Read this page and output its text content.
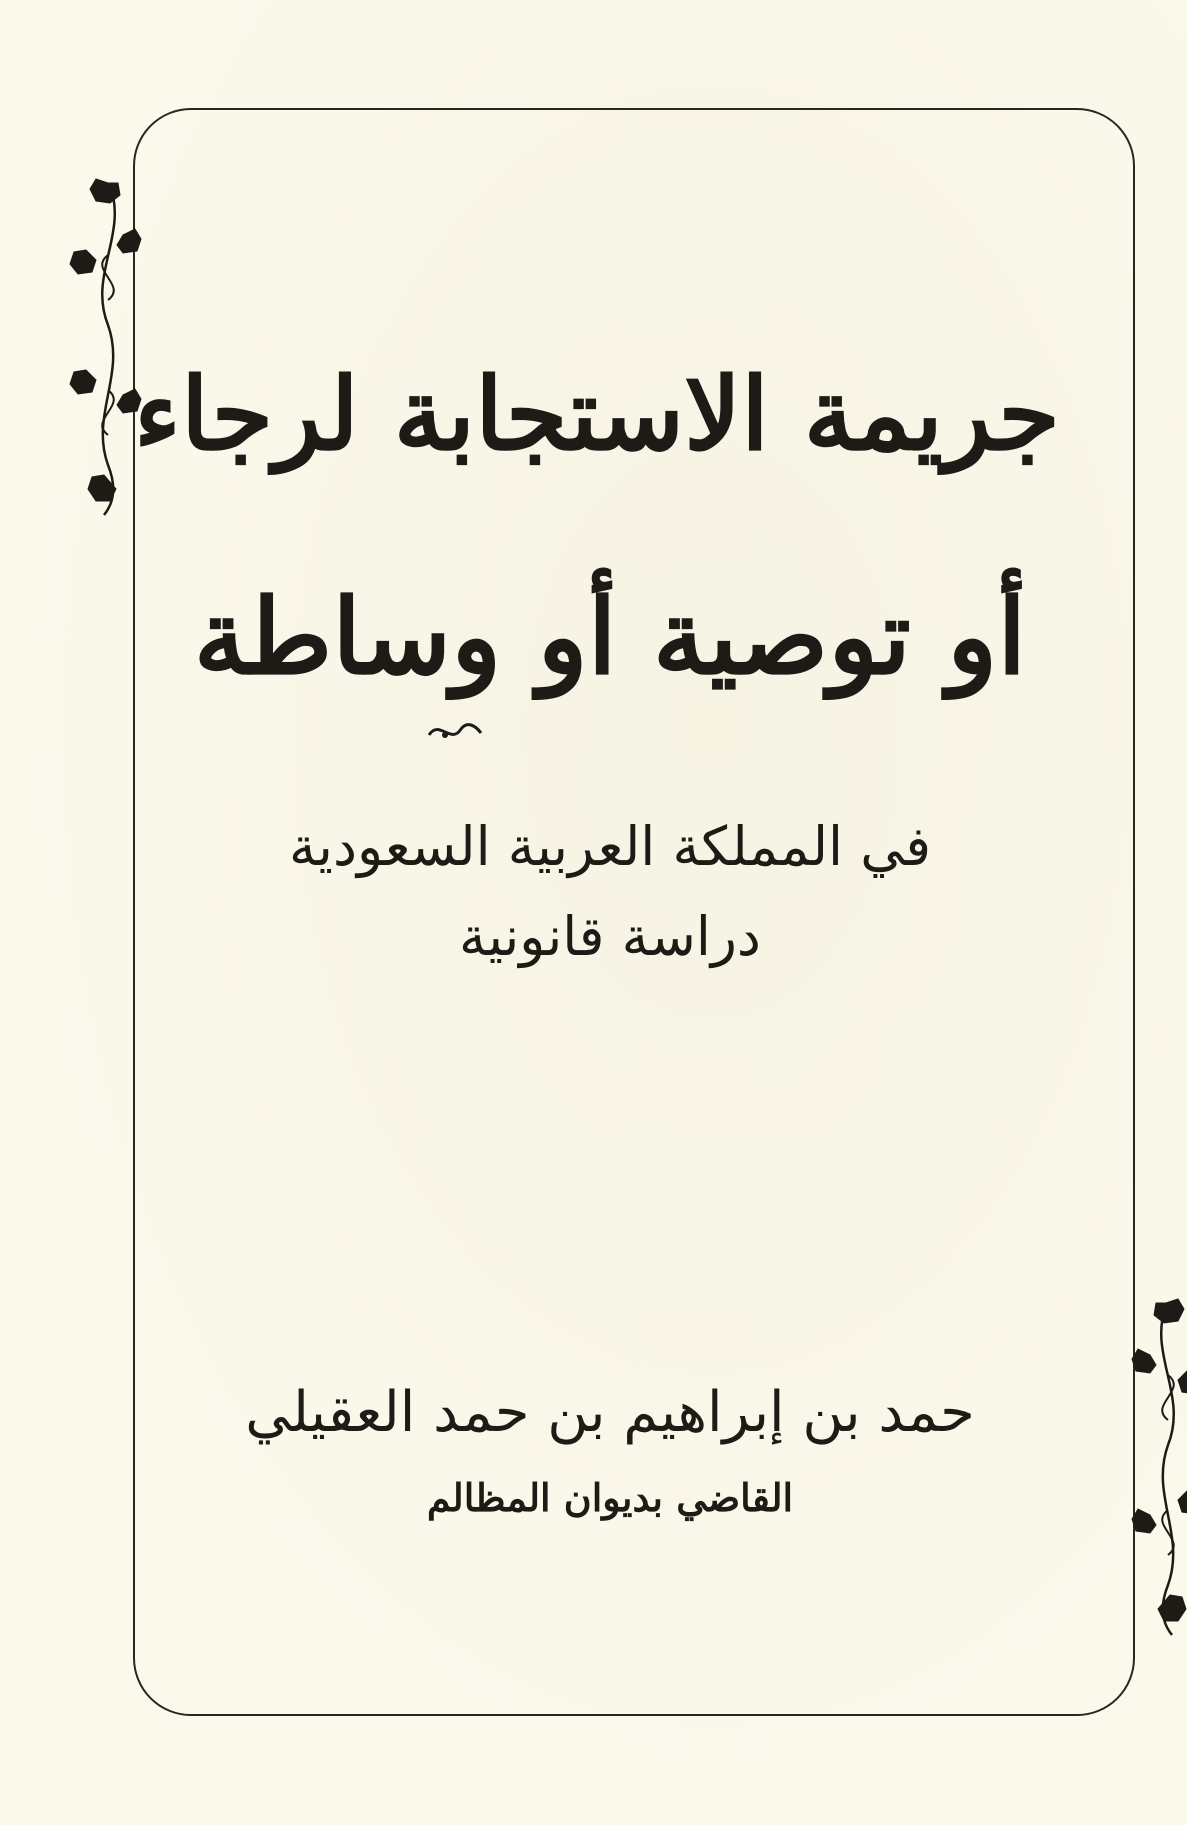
جريمة الاستجابة لرجاء
أو توصية أو وساطة
في المملكة العربية السعودية
دراسة قانونية
حمد بن إبراهيم بن حمد العقيلي
القاضي بديوان المظالم
